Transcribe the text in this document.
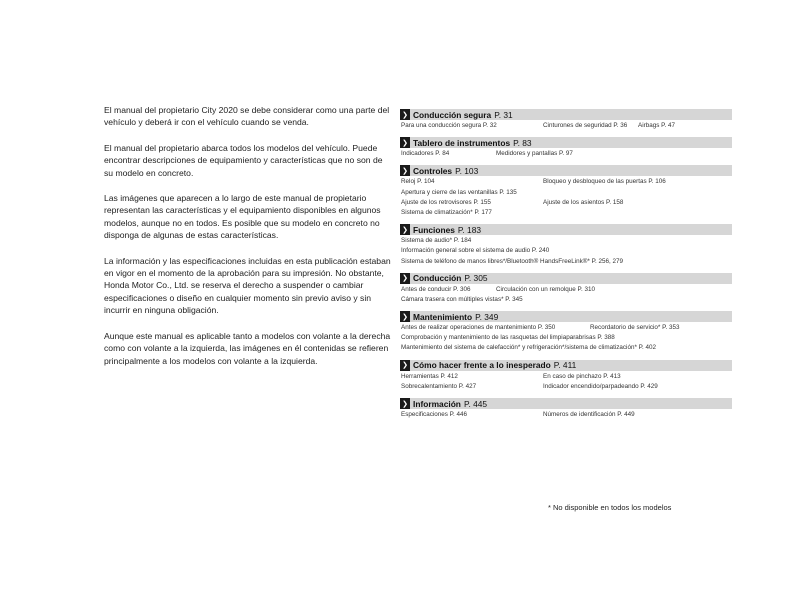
El manual del propietario City 2020 se debe considerar como una parte del vehículo y deberá ir con el vehículo cuando se venda.

El manual del propietario abarca todos los modelos del vehículo. Puede encontrar descripciones de equipamiento y características que no son de su modelo en concreto.

Las imágenes que aparecen a lo largo de este manual de propietario representan las características y el equipamiento disponibles en algunos modelos, aunque no en todos. Es posible que su modelo en concreto no disponga de algunas de estas características.

La información y las especificaciones incluidas en esta publicación estaban en vigor en el momento de la aprobación para su impresión. No obstante, Honda Motor Co., Ltd. se reserva el derecho a suspender o cambiar especificaciones o diseño en cualquier momento sin previo aviso y sin incurrir en ninguna obligación.

Aunque este manual es aplicable tanto a modelos con volante a la derecha como con volante a la izquierda, las imágenes en él contenidas se refieren principalmente a los modelos con volante a la izquierda.

❯ Conducción segura P. 31
Para una conducción segura P. 32	Cinturones de seguridad P. 36 Airbags P. 47
❯ Tablero de instrumentos P. 83
Indicadores P. 84	Medidores y pantallas P. 97
❯ Controles P. 103
Reloj P. 104	Bloqueo y desbloqueo de las puertas P. 106
Apertura y cierre de las ventanillas P. 135
Ajuste de los retrovisores P. 155	Ajuste de los asientos P. 158
Sistema de climatización* P. 177
❯ Funciones P. 183
Sistema de audio* P. 184
Información general sobre el sistema de audio P. 240
Sistema de teléfono de manos libres*/Bluetooth® HandsFreeLink®* P. 256, 279
❯ Conducción P. 305
Antes de conducir P. 306	Circulación con un remolque P. 310
Cámara trasera con múltiples vistas* P. 345
❯ Mantenimiento P. 349
Antes de realizar operaciones de mantenimiento P. 350	Recordatorio de servicio* P. 353
Comprobación y mantenimiento de las rasquetas del limpiaparabrisas P. 388
Mantenimiento del sistema de calefacción* y refrigeración*/sistema de climatización* P. 402
❯ Cómo hacer frente a lo inesperado P. 411
Herramientas P. 412	En caso de pinchazo P. 413
Sobrecalentamiento P. 427	Indicador encendido/parpadeando P. 429
❯ Información P. 445
Especificaciones P. 446	Números de identificación P. 449
* No disponible en todos los modelos
